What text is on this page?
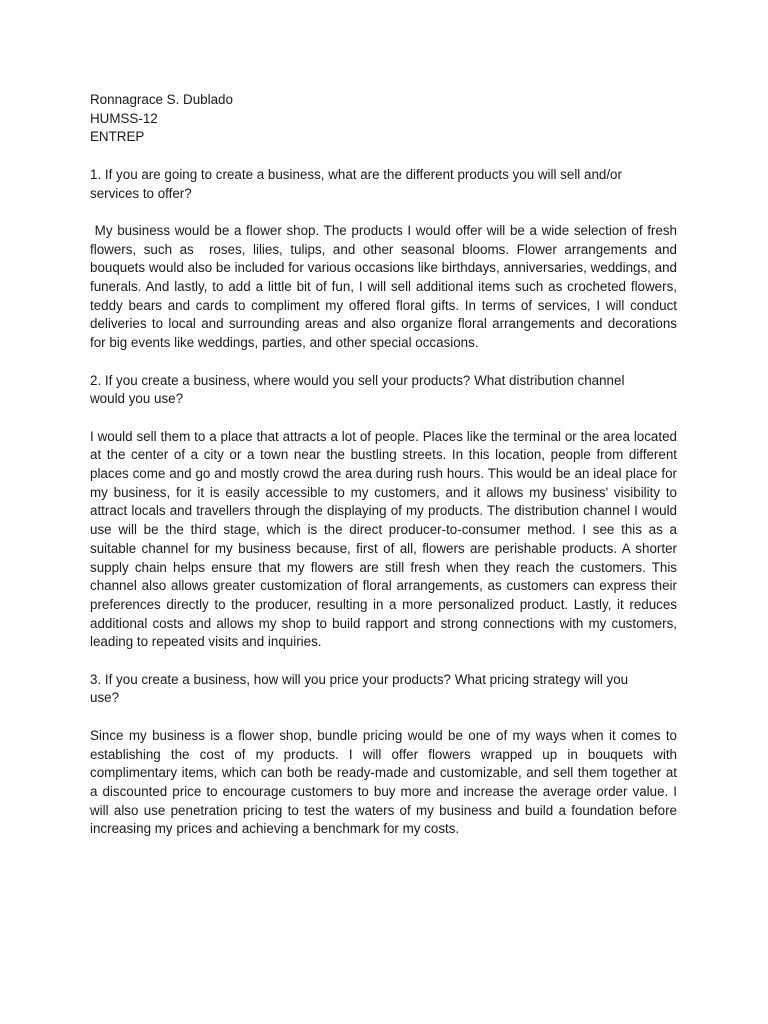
Ronnagrace S. Dublado
HUMSS-12
ENTREP

1. If you are going to create a business, what are the different products you will sell and/or services to offer?

My business would be a flower shop. The products I would offer will be a wide selection of fresh flowers, such as  roses, lilies, tulips, and other seasonal blooms. Flower arrangements and bouquets would also be included for various occasions like birthdays, anniversaries, weddings, and funerals. And lastly, to add a little bit of fun, I will sell additional items such as crocheted flowers, teddy bears and cards to compliment my offered floral gifts. In terms of services, I will conduct deliveries to local and surrounding areas and also organize floral arrangements and decorations for big events like weddings, parties, and other special occasions.

2. If you create a business, where would you sell your products? What distribution channel would you use?

I would sell them to a place that attracts a lot of people. Places like the terminal or the area located at the center of a city or a town near the bustling streets. In this location, people from different places come and go and mostly crowd the area during rush hours. This would be an ideal place for my business, for it is easily accessible to my customers, and it allows my business' visibility to attract locals and travellers through the displaying of my products. The distribution channel I would use will be the third stage, which is the direct producer-to-consumer method. I see this as a suitable channel for my business because, first of all, flowers are perishable products. A shorter supply chain helps ensure that my flowers are still fresh when they reach the customers. This channel also allows greater customization of floral arrangements, as customers can express their preferences directly to the producer, resulting in a more personalized product. Lastly, it reduces additional costs and allows my shop to build rapport and strong connections with my customers, leading to repeated visits and inquiries.

3. If you create a business, how will you price your products? What pricing strategy will you use?

Since my business is a flower shop, bundle pricing would be one of my ways when it comes to establishing the cost of my products. I will offer flowers wrapped up in bouquets with complimentary items, which can both be ready-made and customizable, and sell them together at a discounted price to encourage customers to buy more and increase the average order value. I will also use penetration pricing to test the waters of my business and build a foundation before increasing my prices and achieving a benchmark for my costs.
